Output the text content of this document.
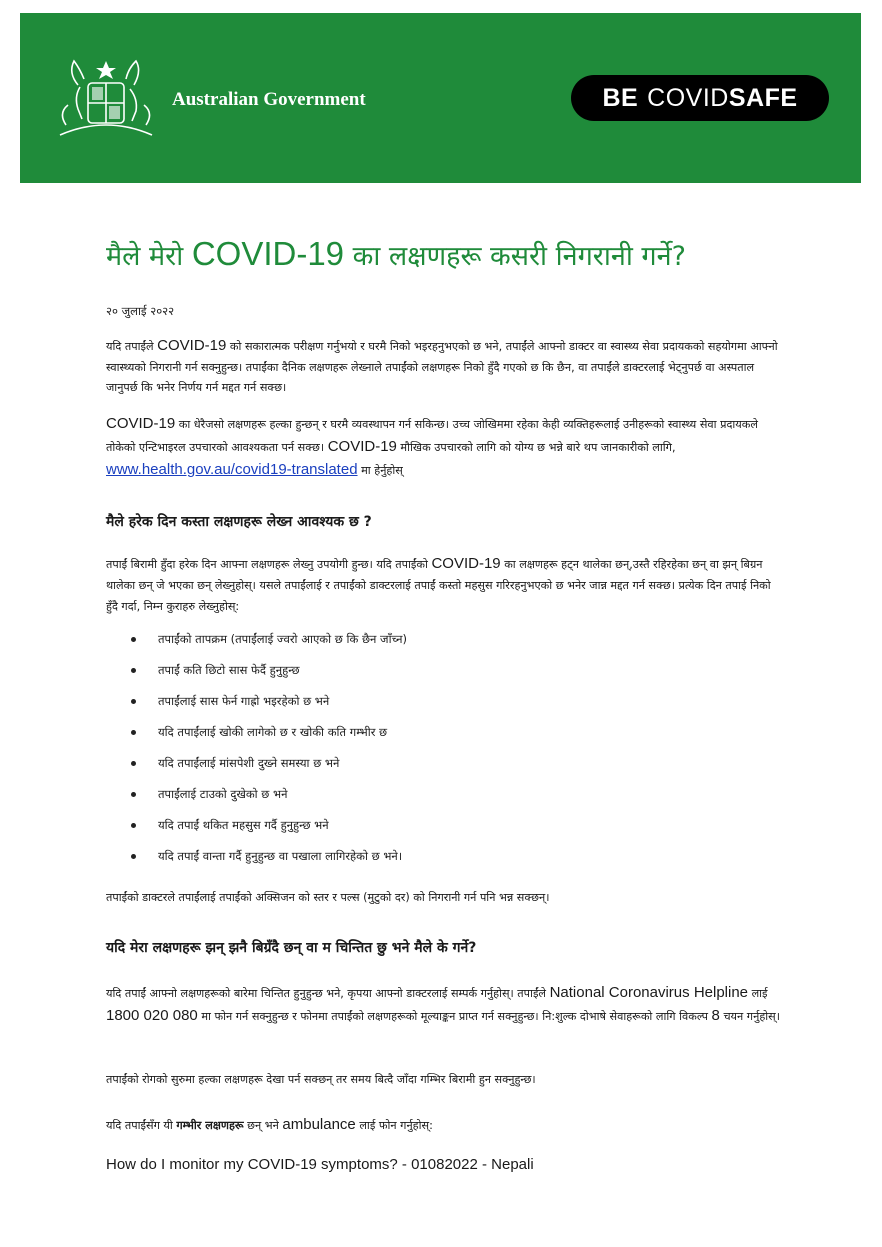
Australian Government	BE COVID SAFE
मैले मेरो COVID-19 का लक्षणहरू कसरी निगरानी गर्ने?
२० जुलाई २०२२
यदि तपाईंले COVID-19 को सकारात्मक परीक्षण गर्नुभयो र घरमै निको भइरहनुभएको छ भने, तपाईंले आफ्नो डाक्टर वा स्वास्थ्य सेवा प्रदायकको सहयोगमा आफ्नो स्वास्थ्यको निगरानी गर्न सक्नुहुन्छ। तपाईंका दैनिक लक्षणहरू लेख्नाले तपाईंको लक्षणहरू निको हुँदै गएको छ कि छैन, वा तपाईंले डाक्टरलाई भेट्नुपर्छ वा अस्पताल जानुपर्छ कि भनेर निर्णय गर्न मद्दत गर्न सक्छ।
COVID-19 का धेरैजसो लक्षणहरू हल्का हुन्छन् र घरमै व्यवस्थापन गर्न सकिन्छ। उच्च जोखिममा रहेका केही व्यक्तिहरूलाई उनीहरूको स्वास्थ्य सेवा प्रदायकले तोकेको एन्टिभाइरल उपचारको आवश्यकता पर्न सक्छ। COVID-19 मौखिक उपचारको लागि को योग्य छ भन्ने बारे थप जानकारीको लागि, www.health.gov.au/covid19-translated मा हेर्नुहोस्
मैले हरेक दिन कस्ता लक्षणहरू लेख्न आवश्यक छ ?
तपाईं बिरामी हुँदा हरेक दिन आफ्ना लक्षणहरू लेख्नु उपयोगी हुन्छ। यदि तपाईंको COVID-19 का लक्षणहरू हट्न थालेका छन्,उस्तै रहिरहेका छन् वा झन् बिग्रन थालेका छन् जे भएका छन् लेख्नुहोस्। यसले तपाईंलाई र तपाईंको डाक्टरलाई तपाईं कस्तो महसुस गरिरहनुभएको छ भनेर जान्न मद्दत गर्न सक्छ। प्रत्येक दिन तपाई निको हुँदै गर्दा, निम्न कुराहरु लेख्नुहोस्:
तपाईंको तापक्रम (तपाईंलाई ज्वरो आएको छ कि छैन जाँच्न)
तपाईं कति छिटो सास फेर्दै हुनुहुन्छ
तपाईंलाई सास फेर्न गाह्रो भइरहेको छ भने
यदि तपाईंलाई खोकी लागेको छ र खोकी कति गम्भीर छ
यदि तपाईंलाई मांसपेशी दुख्ने समस्या छ भने
तपाईंलाई टाउको दुखेको छ भने
यदि तपाईं थकित महसुस गर्दै हुनुहुन्छ भने
यदि तपाईं वान्ता गर्दै हुनुहुन्छ वा पखाला लागिरहेको छ भने।
तपाईंको डाक्टरले तपाईंलाई तपाईंको अक्सिजन को स्तर र पल्स (मुटुको दर) को निगरानी गर्न पनि भन्न सक्छन्।
यदि मेरा लक्षणहरू झन् झनै बिग्रँदै छन् वा म चिन्तित छु भने मैले के गर्ने?
यदि तपाईं आफ्नो लक्षणहरूको बारेमा चिन्तित हुनुहुन्छ भने, कृपया आफ्नो डाक्टरलाई सम्पर्क गर्नुहोस्। तपाईंले National Coronavirus Helpline लाई 1800 020 080 मा फोन गर्न सक्नुहुन्छ र फोनमा तपाईंको लक्षणहरूको मूल्याङ्कन प्राप्त गर्न सक्नुहुन्छ। नि:शुल्क दोभाषे सेवाहरूको लागि विकल्प 8 चयन गर्नुहोस्।
तपाईंको रोगको सुरुमा हल्का लक्षणहरू देखा पर्न सक्छन् तर समय बित्दै जाँदा गम्भिर बिरामी हुन सक्नुहुन्छ।
यदि तपाईंसँग यी गम्भीर लक्षणहरू छन् भने ambulance लाई फोन गर्नुहोस्:
How do I monitor my COVID-19 symptoms? - 01082022 - Nepali
